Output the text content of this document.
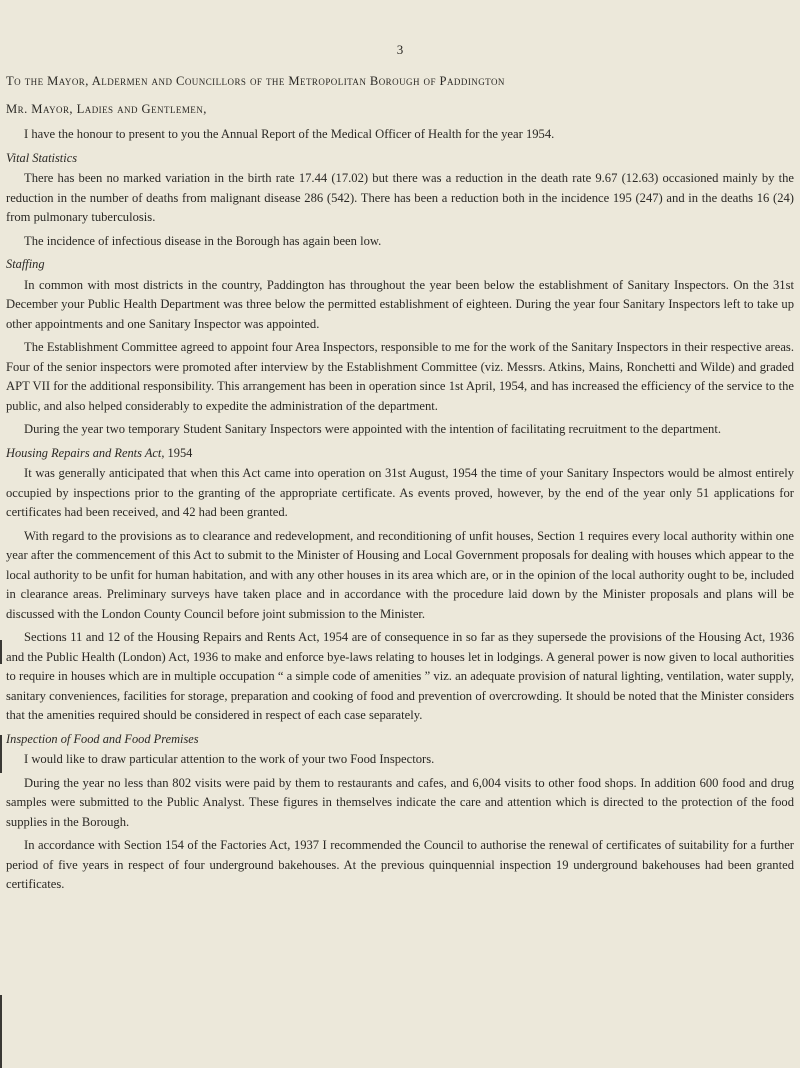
3
To the Mayor, Aldermen and Councillors of the Metropolitan Borough of Paddington
Mr. Mayor, Ladies and Gentlemen,

I have the honour to present to you the Annual Report of the Medical Officer of Health for the year 1954.

Vital Statistics

There has been no marked variation in the birth rate 17.44 (17.02) but there was a reduction in the death rate 9.67 (12.63) occasioned mainly by the reduction in the number of deaths from malignant disease 286 (542). There has been a reduction both in the incidence 195 (247) and in the deaths 16 (24) from pulmonary tuberculosis.

The incidence of infectious disease in the Borough has again been low.

Staffing

In common with most districts in the country, Paddington has throughout the year been below the establishment of Sanitary Inspectors. On the 31st December your Public Health Department was three below the permitted establishment of eighteen. During the year four Sanitary Inspectors left to take up other appointments and one Sanitary Inspector was appointed.

The Establishment Committee agreed to appoint four Area Inspectors, responsible to me for the work of the Sanitary Inspectors in their respective areas. Four of the senior inspectors were promoted after interview by the Establishment Committee (viz. Messrs. Atkins, Mains, Ronchetti and Wilde) and graded APT VII for the additional responsibility. This arrangement has been in operation since 1st April, 1954, and has increased the efficiency of the service to the public, and also helped considerably to expedite the administration of the department.

During the year two temporary Student Sanitary Inspectors were appointed with the intention of facilitating recruitment to the department.

Housing Repairs and Rents Act, 1954

It was generally anticipated that when this Act came into operation on 31st August, 1954 the time of your Sanitary Inspectors would be almost entirely occupied by inspections prior to the granting of the appropriate certificate. As events proved, however, by the end of the year only 51 applications for certificates had been received, and 42 had been granted.

With regard to the provisions as to clearance and redevelopment, and reconditioning of unfit houses, Section 1 requires every local authority within one year after the commencement of this Act to submit to the Minister of Housing and Local Government proposals for dealing with houses which appear to the local authority to be unfit for human habitation, and with any other houses in its area which are, or in the opinion of the local authority ought to be, included in clearance areas. Preliminary surveys have taken place and in accordance with the procedure laid down by the Minister proposals and plans will be discussed with the London County Council before joint submission to the Minister.

Sections 11 and 12 of the Housing Repairs and Rents Act, 1954 are of consequence in so far as they supersede the provisions of the Housing Act, 1936 and the Public Health (London) Act, 1936 to make and enforce bye-laws relating to houses let in lodgings. A general power is now given to local authorities to require in houses which are in multiple occupation “ a simple code of amenities ” viz. an adequate provision of natural lighting, ventilation, water supply, sanitary conveniences, facilities for storage, preparation and cooking of food and prevention of overcrowding. It should be noted that the Minister considers that the amenities required should be considered in respect of each case separately.

Inspection of Food and Food Premises

I would like to draw particular attention to the work of your two Food Inspectors.

During the year no less than 802 visits were paid by them to restaurants and cafes, and 6,004 visits to other food shops. In addition 600 food and drug samples were submitted to the Public Analyst. These figures in themselves indicate the care and attention which is directed to the protection of the food supplies in the Borough.

In accordance with Section 154 of the Factories Act, 1937 I recommended the Council to authorise the renewal of certificates of suitability for a further period of five years in respect of four underground bakehouses. At the previous quinquennial inspection 19 underground bakehouses had been granted certificates.
